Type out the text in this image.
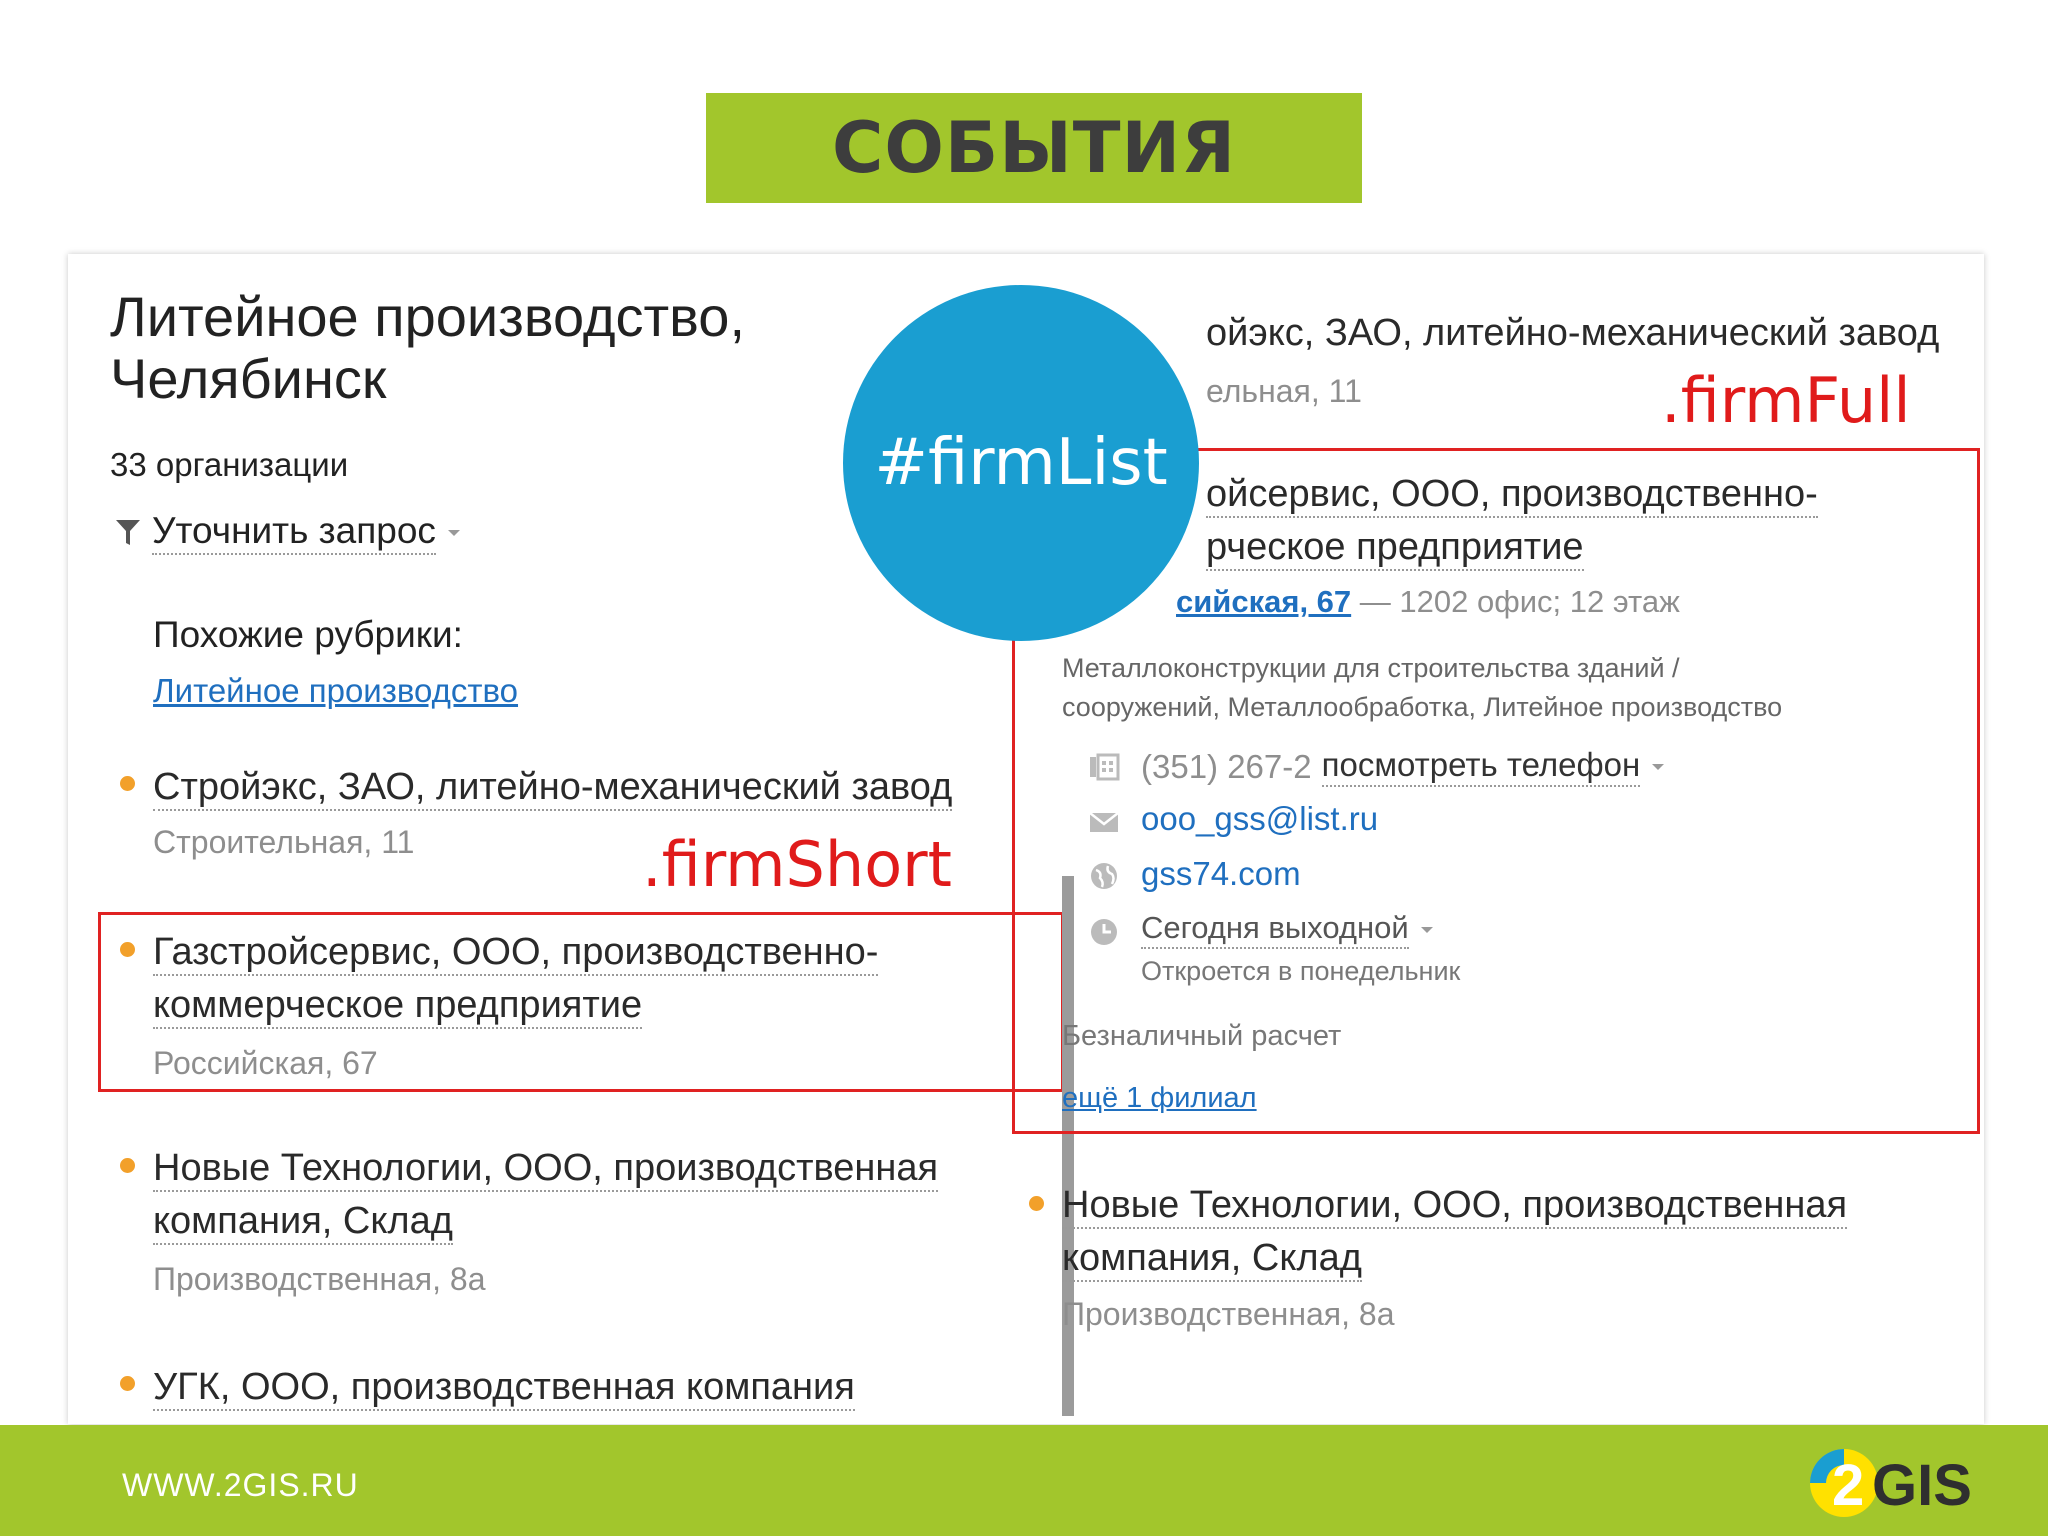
СОБЫТИЯ
Литейное производство,
Челябинск
33 организации
Уточнить запрос
Похожие рубрики:
Литейное производство
Стройэкс, ЗАО, литейно-механический завод
Строительная, 11	.firmShort
Газстройсервис, ООО, производственно-
коммерческое предприятие
Российская, 67
Новые Технологии, ООО, производственная
компания, Склад
Производственная, 8а
УГК, ООО, производственная компания
ойэкс, ЗАО, литейно-механический завод
ельная, 11	.firmFull
ойсервис, ООО, производственно-
рческое предприятие
сийская, 67 — 1202 офис; 12 этаж
Металлоконструкции для строительства зданий /
сооружений, Металлообработка, Литейное производство
(351) 267-2 посмотреть телефон
ooo_gss@list.ru
gss74.com
Сегодня выходной
Откроется в понедельник
Безналичный расчет
ещё 1 филиал
Новые Технологии, ООО, производственная
компания, Склад
Производственная, 8а
#firmList
WWW.2GIS.RU	2 GIS
